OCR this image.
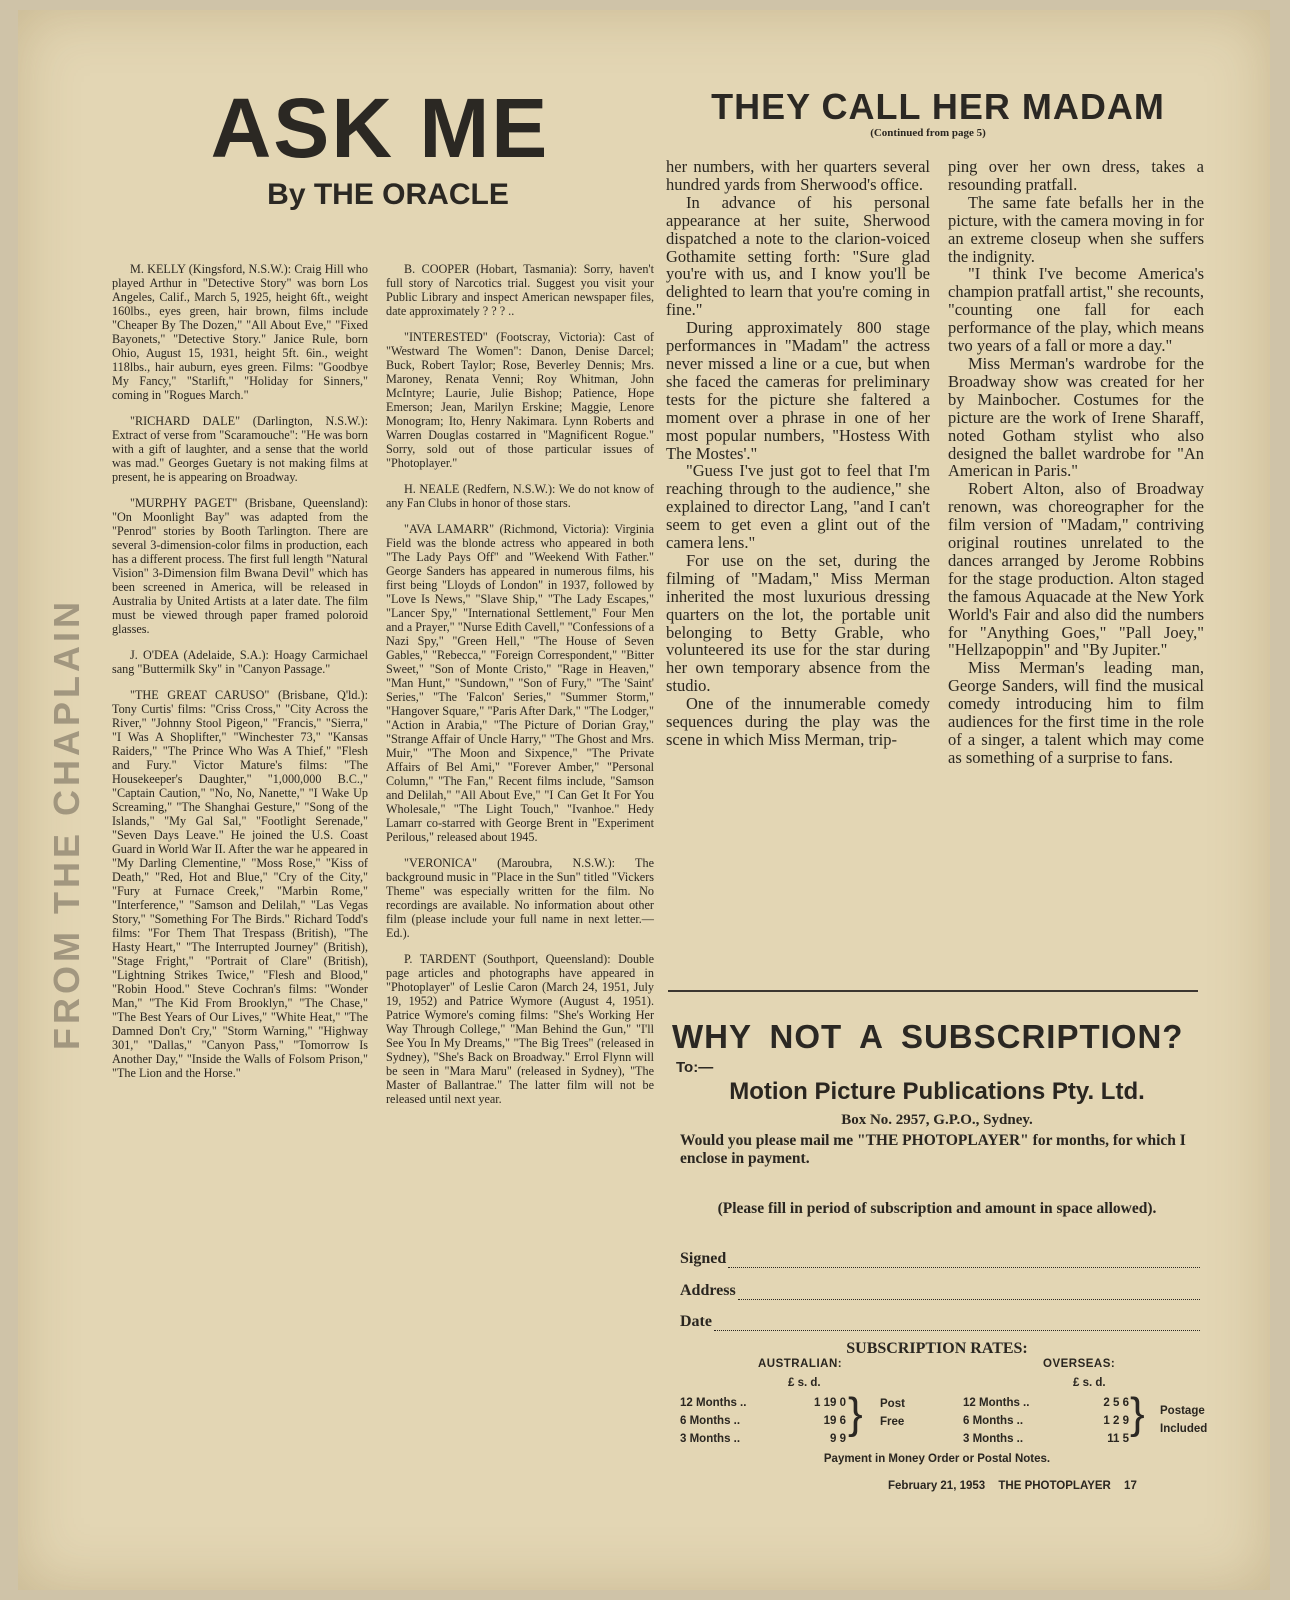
FROM THE CHAPLAIN
ASK ME
By THE ORACLE
THEY CALL HER MADAM
(Continued from page 5)

M. KELLY (Kingsford, N.S.W.): Craig Hill who played Arthur in "Detective Story" was born Los Angeles, Calif., March 5, 1925, height 6ft., weight 160lbs., eyes green, hair brown, films include "Cheaper By The Dozen," "All About Eve," "Fixed Bayonets," "Detective Story." Janice Rule, born Ohio, August 15, 1931, height 5ft. 6in., weight 118lbs., hair auburn, eyes green. Films: "Goodbye My Fancy," "Starlift," "Holiday for Sinners," coming in "Rogues March."

"RICHARD DALE" (Darlington, N.S.W.): Extract of verse from "Scaramouche": "He was born with a gift of laughter, and a sense that the world was mad." Georges Guetary is not making films at present, he is appearing on Broadway.

"MURPHY PAGET" (Brisbane, Queensland): "On Moonlight Bay" was adapted from the "Penrod" stories by Booth Tarlington. There are several 3-dimension-color films in production, each has a different process. The first full length "Natural Vision" 3-Dimension film Bwana Devil" which has been screened in America, will be released in Australia by United Artists at a later date. The film must be viewed through paper framed poloroid glasses.

J. O'DEA (Adelaide, S.A.): Hoagy Carmichael sang "Buttermilk Sky" in "Canyon Passage."

"THE GREAT CARUSO" (Brisbane, Q'ld.): Tony Curtis' films: "Criss Cross," "City Across the River," "Johnny Stool Pigeon," "Francis," "Sierra," "I Was A Shoplifter," "Winchester 73," "Kansas Raiders," "The Prince Who Was A Thief," "Flesh and Fury." Victor Mature's films: "The Housekeeper's Daughter," "1,000,000 B.C.," "Captain Caution," "No, No, Nanette," "I Wake Up Screaming," "The Shanghai Gesture," "Song of the Islands," "My Gal Sal," "Footlight Serenade," "Seven Days Leave." He joined the U.S. Coast Guard in World War II. After the war he appeared in "My Darling Clementine," "Moss Rose," "Kiss of Death," "Red, Hot and Blue," "Cry of the City," "Fury at Furnace Creek," "Marbin Rome," "Interference," "Samson and Delilah," "Las Vegas Story," "Something For The Birds." Richard Todd's films: "For Them That Trespass (British), "The Hasty Heart," "The Interrupted Journey" (British), "Stage Fright," "Portrait of Clare" (British), "Lightning Strikes Twice," "Flesh and Blood," "Robin Hood." Steve Cochran's films: "Wonder Man," "The Kid From Brooklyn," "The Chase," "The Best Years of Our Lives," "White Heat," "The Damned Don't Cry," "Storm Warning," "Highway 301," "Dallas," "Canyon Pass," "Tomorrow Is Another Day," "Inside the Walls of Folsom Prison," "The Lion and the Horse."

B. COOPER (Hobart, Tasmania): Sorry, haven't full story of Narcotics trial. Suggest you visit your Public Library and inspect American newspaper files, date approximately ? ? ? ..

"INTERESTED" (Footscray, Victoria): Cast of "Westward The Women": Danon, Denise Darcel; Buck, Robert Taylor; Rose, Beverley Dennis; Mrs. Maroney, Renata Venni; Roy Whitman, John McIntyre; Laurie, Julie Bishop; Patience, Hope Emerson; Jean, Marilyn Erskine; Maggie, Lenore Monogram; Ito, Henry Nakimara. Lynn Roberts and Warren Douglas costarred in "Magnificent Rogue." Sorry, sold out of those particular issues of "Photoplayer."

H. NEALE (Redfern, N.S.W.): We do not know of any Fan Clubs in honor of those stars.

"AVA LAMARR" (Richmond, Victoria): Virginia Field was the blonde actress who appeared in both "The Lady Pays Off" and "Weekend With Father." George Sanders has appeared in numerous films, his first being "Lloyds of London" in 1937, followed by "Love Is News," "Slave Ship," "The Lady Escapes," "Lancer Spy," "International Settlement," Four Men and a Prayer," "Nurse Edith Cavell," "Confessions of a Nazi Spy," "Green Hell," "The House of Seven Gables," "Rebecca," "Foreign Correspondent," "Bitter Sweet," "Son of Monte Cristo," "Rage in Heaven," "Man Hunt," "Sundown," "Son of Fury," "The 'Saint' Series," "The 'Falcon' Series," "Summer Storm," "Hangover Square," "Paris After Dark," "The Lodger," "Action in Arabia," "The Picture of Dorian Gray," "Strange Affair of Uncle Harry," "The Ghost and Mrs. Muir," "The Moon and Sixpence," "The Private Affairs of Bel Ami," "Forever Amber," "Personal Column," "The Fan," Recent films include, "Samson and Delilah," "All About Eve," "I Can Get It For You Wholesale," "The Light Touch," "Ivanhoe." Hedy Lamarr co-starred with George Brent in "Experiment Perilous," released about 1945.

"VERONICA" (Maroubra, N.S.W.): The background music in "Place in the Sun" titled "Vickers Theme" was especially written for the film. No recordings are available. No information about other film (please include your full name in next letter.—Ed.).

P. TARDENT (Southport, Queensland): Double page articles and photographs have appeared in "Photoplayer" of Leslie Caron (March 24, 1951, July 19, 1952) and Patrice Wymore (August 4, 1951). Patrice Wymore's coming films: "She's Working Her Way Through College," "Man Behind the Gun," "I'll See You In My Dreams," "The Big Trees" (released in Sydney), "She's Back on Broadway." Errol Flynn will be seen in "Mara Maru" (released in Sydney), "The Master of Ballantrae." The latter film will not be released until next year.

her numbers, with her quarters several hundred yards from Sherwood's office.

In advance of his personal appearance at her suite, Sherwood dispatched a note to the clarion-voiced Gothamite setting forth: "Sure glad you're with us, and I know you'll be delighted to learn that you're coming in fine."

During approximately 800 stage performances in "Madam" the actress never missed a line or a cue, but when she faced the cameras for preliminary tests for the picture she faltered a moment over a phrase in one of her most popular numbers, "Hostess With The Mostes'."

"Guess I've just got to feel that I'm reaching through to the audience," she explained to director Lang, "and I can't seem to get even a glint out of the camera lens."

For use on the set, during the filming of "Madam," Miss Merman inherited the most luxurious dressing quarters on the lot, the portable unit belonging to Betty Grable, who volunteered its use for the star during her own temporary absence from the studio.

One of the innumerable comedy sequences during the play was the scene in which Miss Merman, trip-

ping over her own dress, takes a resounding pratfall.

The same fate befalls her in the picture, with the camera moving in for an extreme closeup when she suffers the indignity.

"I think I've become America's champion pratfall artist," she recounts, "counting one fall for each performance of the play, which means two years of a fall or more a day."

Miss Merman's wardrobe for the Broadway show was created for her by Mainbocher. Costumes for the picture are the work of Irene Sharaff, noted Gotham stylist who also designed the ballet wardrobe for "An American in Paris."

Robert Alton, also of Broadway renown, was choreographer for the film version of "Madam," contriving original routines unrelated to the dances arranged by Jerome Robbins for the stage production. Alton staged the famous Aquacade at the New York World's Fair and also did the numbers for "Anything Goes," "Pall Joey," "Hellzapoppin" and "By Jupiter."

Miss Merman's leading man, George Sanders, will find the musical comedy introducing him to film audiences for the first time in the role of a singer, a talent which may come as something of a surprise to fans.

WHY NOT A SUBSCRIPTION?
To:—
Motion Picture Publications Pty. Ltd.
Box No. 2957, G.P.O., Sydney.
Would you please mail me "THE PHOTOPLAYER" for months, for which I enclose in payment.
(Please fill in period of subscription and amount in space allowed).
Signed
Address
Date
SUBSCRIPTION RATES:
AUSTRALIAN:	OVERSEAS:
£ s. d.	£ s. d.
12 Months ..	1 19 0
6 Months ..	19 6
3 Months ..	9 9
} Post Free
12 Months ..	2 5 6
6 Months ..	1 2 9
3 Months ..	11 5
} Postage Included
Payment in Money Order or Postal Notes.
February 21, 1953 THE PHOTOPLAYER 17
